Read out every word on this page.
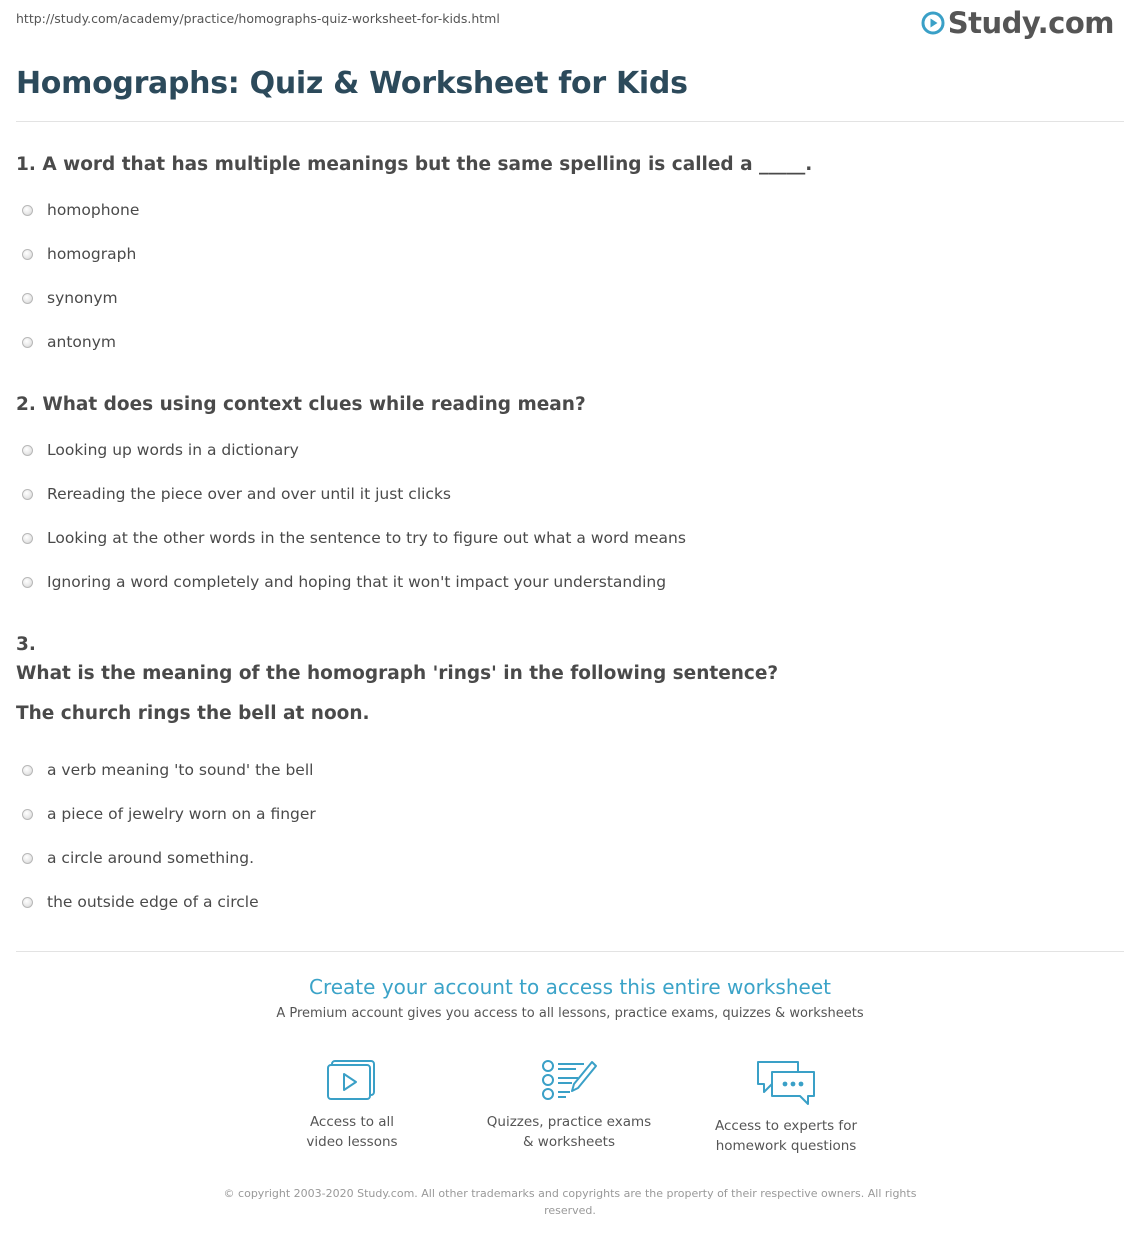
http://study.com/academy/practice/homographs-quiz-worksheet-for-kids.html	Study.com
Homographs: Quiz & Worksheet for Kids
1. A word that has multiple meanings but the same spelling is called a _____.
homophone
homograph
synonym
antonym
2. What does using context clues while reading mean?
Looking up words in a dictionary
Rereading the piece over and over until it just clicks
Looking at the other words in the sentence to try to figure out what a word means
Ignoring a word completely and hoping that it won't impact your understanding
3.
What is the meaning of the homograph 'rings' in the following sentence?

The church rings the bell at noon.

a verb meaning 'to sound' the bell
a piece of jewelry worn on a finger
a circle around something.
the outside edge of a circle
Create your account to access this entire worksheet
A Premium account gives you access to all lessons, practice exams, quizzes & worksheets
Access to all
video lessons
Quizzes, practice exams
& worksheets
Access to experts for
homework questions
© copyright 2003-2020 Study.com. All other trademarks and copyrights are the property of their respective owners. All rights reserved.
